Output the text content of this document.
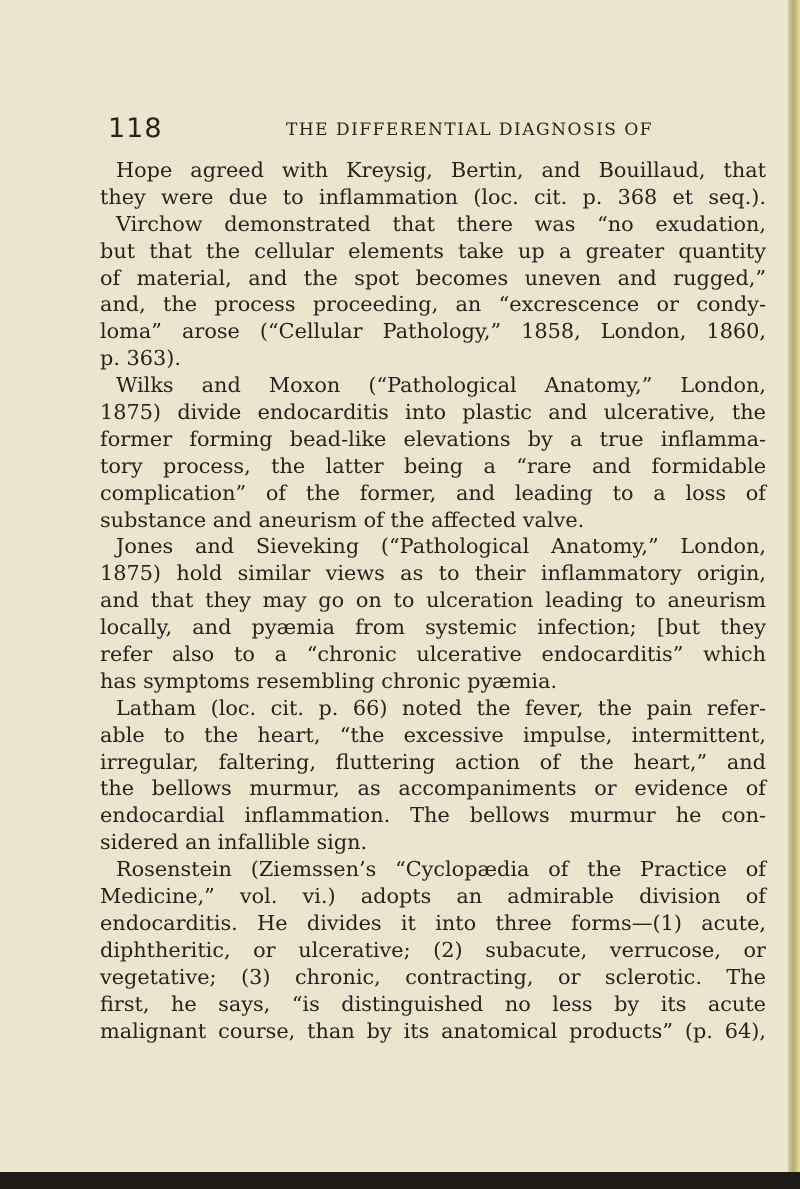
118	THE DIFFERENTIAL DIAGNOSIS OF
Hope agreed with Kreysig, Bertin, and Bouillaud, that
they were due to inflammation (loc. cit. p. 368 et seq.).
Virchow demonstrated that there was “no exudation,
but that the cellular elements take up a greater quantity
of material, and the spot becomes uneven and rugged,”
and, the process proceeding, an “excrescence or condy-
loma” arose (“Cellular Pathology,” 1858, London, 1860,
p. 363).
Wilks and Moxon (“Pathological Anatomy,” London,
1875) divide endocarditis into plastic and ulcerative, the
former forming bead-like elevations by a true inflamma-
tory process, the latter being a “rare and formidable
complication” of the former, and leading to a loss of
substance and aneurism of the affected valve.
Jones and Sieveking (“Pathological Anatomy,” London,
1875) hold similar views as to their inflammatory origin,
and that they may go on to ulceration leading to aneurism
locally, and pyæmia from systemic infection; [but they
refer also to a “chronic ulcerative endocarditis” which
has symptoms resembling chronic pyæmia.
Latham (loc. cit. p. 66) noted the fever, the pain refer-
able to the heart, “the excessive impulse, intermittent,
irregular, faltering, fluttering action of the heart,” and
the bellows murmur, as accompaniments or evidence of
endocardial inflammation. The bellows murmur he con-
sidered an infallible sign.
Rosenstein (Ziemssen’s “Cyclopædia of the Practice of
Medicine,” vol. vi.) adopts an admirable division of
endocarditis. He divides it into three forms—(1) acute,
diphtheritic, or ulcerative; (2) subacute, verrucose, or
vegetative; (3) chronic, contracting, or sclerotic. The
first, he says, “is distinguished no less by its acute
malignant course, than by its anatomical products” (p. 64),
